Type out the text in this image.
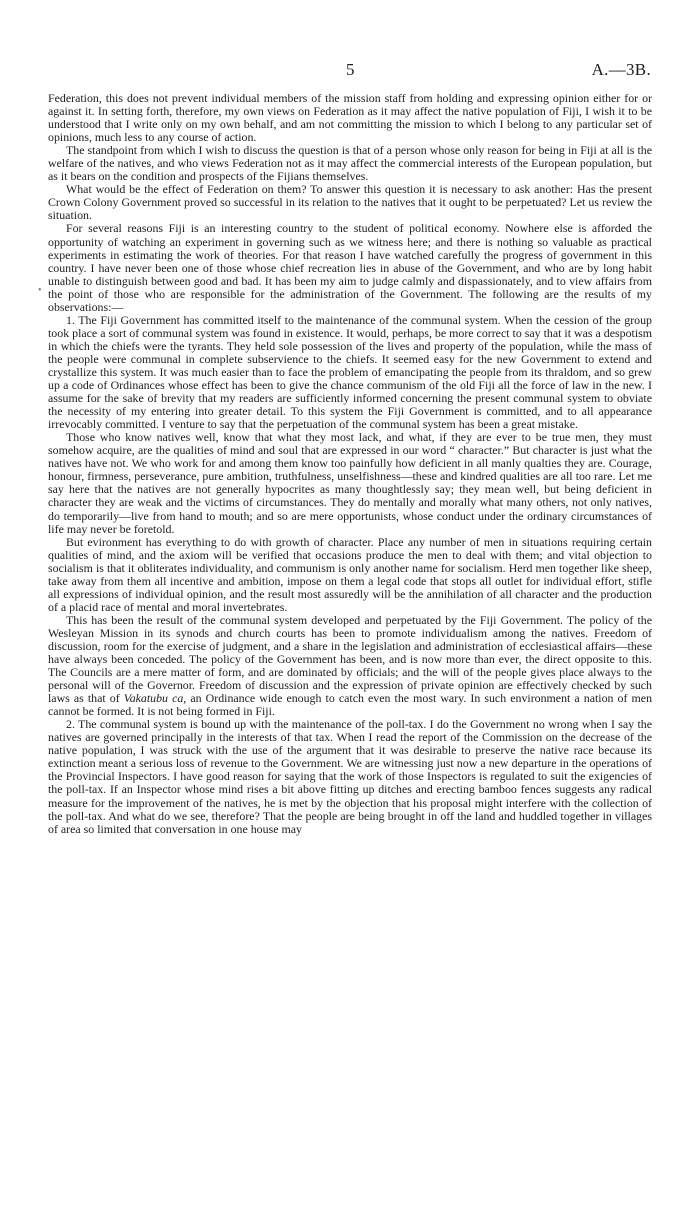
5	A.—3B.

Federation, this does not prevent individual members of the mission staff from holding and expressing opinion either for or against it. In setting forth, therefore, my own views on Federation as it may affect the native population of Fiji, I wish it to be understood that I write only on my own behalf, and am not committing the mission to which I belong to any particular set of opinions, much less to any course of action.

The standpoint from which I wish to discuss the question is that of a person whose only reason for being in Fiji at all is the welfare of the natives, and who views Federation not as it may affect the commercial interests of the European population, but as it bears on the condition and prospects of the Fijians themselves.

What would be the effect of Federation on them? To answer this question it is necessary to ask another: Has the present Crown Colony Government proved so successful in its relation to the natives that it ought to be perpetuated? Let us review the situation.

For several reasons Fiji is an interesting country to the student of political economy. Nowhere else is afforded the opportunity of watching an experiment in governing such as we witness here; and there is nothing so valuable as practical experiments in estimating the work of theories. For that reason I have watched carefully the progress of government in this country. I have never been one of those whose chief recreation lies in abuse of the Government, and who are by long habit unable to distinguish between good and bad. It has been my aim to judge calmly and dispassionately, and to view affairs from the point of those who are responsible for the administration of the Government. The following are the results of my observations:—

1. The Fiji Government has committed itself to the maintenance of the communal system. When the cession of the group took place a sort of communal system was found in existence. It would, perhaps, be more correct to say that it was a despotism in which the chiefs were the tyrants. They held sole possession of the lives and property of the population, while the mass of the people were communal in complete subservience to the chiefs. It seemed easy for the new Government to extend and crystallize this system. It was much easier than to face the problem of emancipating the people from its thraldom, and so grew up a code of Ordinances whose effect has been to give the chance communism of the old Fiji all the force of law in the new. I assume for the sake of brevity that my readers are sufficiently informed concerning the present communal system to obviate the necessity of my entering into greater detail. To this system the Fiji Government is committed, and to all appearance irrevocably committed. I venture to say that the perpetuation of the communal system has been a great mistake.

Those who know natives well, know that what they most lack, and what, if they are ever to be true men, they must somehow acquire, are the qualities of mind and soul that are expressed in our word “ character.” But character is just what the natives have not. We who work for and among them know too painfully how deficient in all manly qualties they are. Courage, honour, firmness, perseverance, pure ambition, truthfulness, unselfishness—these and kindred qualities are all too rare. Let me say here that the natives are not generally hypocrites as many thoughtlessly say; they mean well, but being deficient in character they are weak and the victims of circumstances. They do mentally and morally what many others, not only natives, do temporarily—live from hand to mouth; and so are mere opportunists, whose conduct under the ordinary circumstances of life may never be foretold.

But evironment has everything to do with growth of character. Place any number of men in situations requiring certain qualities of mind, and the axiom will be verified that occasions produce the men to deal with them; and vital objection to socialism is that it obliterates individuality, and communism is only another name for socialism. Herd men together like sheep, take away from them all incentive and ambition, impose on them a legal code that stops all outlet for individual effort, stifle all expressions of individual opinion, and the result most assuredly will be the annihilation of all character and the production of a placid race of mental and moral invertebrates.

This has been the result of the communal system developed and perpetuated by the Fiji Government. The policy of the Wesleyan Mission in its synods and church courts has been to promote individualism among the natives. Freedom of discussion, room for the exercise of judgment, and a share in the legislation and administration of ecclesiastical affairs—these have always been conceded. The policy of the Government has been, and is now more than ever, the direct opposite to this. The Councils are a mere matter of form, and are dominated by officials; and the will of the people gives place always to the personal will of the Governor. Freedom of discussion and the expression of private opinion are effectively checked by such laws as that of Vakatubu ca, an Ordinance wide enough to catch even the most wary. In such environment a nation of men cannot be formed. It is not being formed in Fiji.

2. The communal system is bound up with the maintenance of the poll-tax. I do the Government no wrong when I say the natives are governed principally in the interests of that tax. When I read the report of the Commission on the decrease of the native population, I was struck with the use of the argument that it was desirable to preserve the native race because its extinction meant a serious loss of revenue to the Government. We are witnessing just now a new departure in the operations of the Provincial Inspectors. I have good reason for saying that the work of those Inspectors is regulated to suit the exigencies of the poll-tax. If an Inspector whose mind rises a bit above fitting up ditches and erecting bamboo fences suggests any radical measure for the improvement of the natives, he is met by the objection that his proposal might interfere with the collection of the poll-tax. And what do we see, therefore? That the people are being brought in off the land and huddled together in villages of area so limited that conversation in one house may

•
